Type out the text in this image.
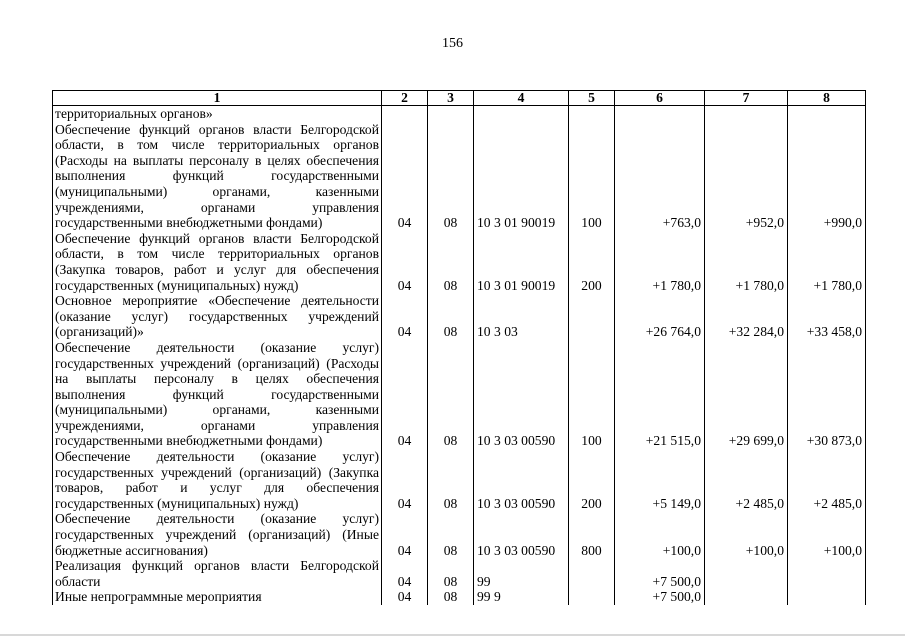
156
1	2	3	4	5	6	7	8

территориальных органов»
Обеспечение функций органов власти Белгородской области, в том числе территориальных органов (Расходы на выплаты персоналу в целях обеспечения выполнения функций государственными (муниципальными) органами, казенными учреждениями, органами управления государственными внебюджетными фондами)	04	08	10 3 01 90019	100	+763,0	+952,0	+990,0
Обеспечение функций органов власти Белгородской области, в том числе территориальных органов (Закупка товаров, работ и услуг для обеспечения государственных (муниципальных) нужд)	04	08	10 3 01 90019	200	+1 780,0	+1 780,0	+1 780,0
Основное мероприятие «Обеспечение деятельности (оказание услуг) государственных учреждений (организаций)»	04	08	10 3 03		+26 764,0	+32 284,0	+33 458,0
Обеспечение деятельности (оказание услуг) государственных учреждений (организаций) (Расходы на выплаты персоналу в целях обеспечения выполнения функций государственными (муниципальными) органами, казенными учреждениями, органами управления государственными внебюджетными фондами)	04	08	10 3 03 00590	100	+21 515,0	+29 699,0	+30 873,0
Обеспечение деятельности (оказание услуг) государственных учреждений (организаций) (Закупка товаров, работ и услуг для обеспечения государственных (муниципальных) нужд)	04	08	10 3 03 00590	200	+5 149,0	+2 485,0	+2 485,0
Обеспечение деятельности (оказание услуг) государственных учреждений (организаций) (Иные бюджетные ассигнования)	04	08	10 3 03 00590	800	+100,0	+100,0	+100,0
Реализация функций органов власти Белгородской области	04	08	99		+7 500,0		
Иные непрограммные мероприятия	04	08	99 9		+7 500,0		
